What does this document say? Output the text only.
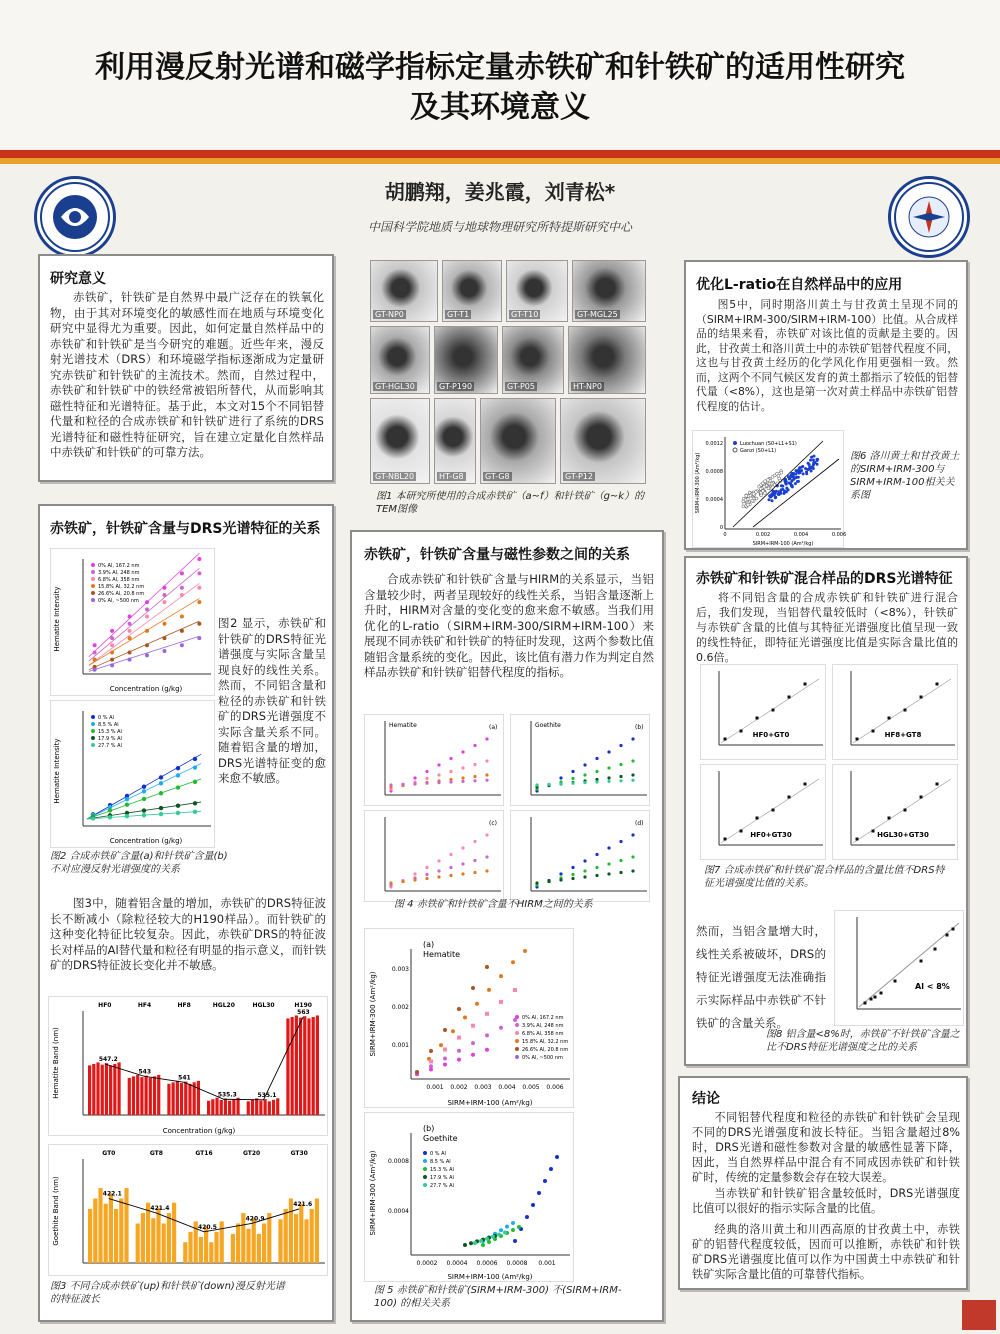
利用漫反射光谱和磁学指标定量赤铁矿和针铁矿的适用性研究
及其环境意义
胡鹏翔，姜兆霞，刘青松*
中国科学院地质与地球物理研究所特提斯研究中心
研究意义
赤铁矿，针铁矿是自然界中最广泛存在的铁氧化物，由于其对环境变化的敏感性而在地质与环境变化研究中显得尤为重要。因此，如何定量自然样品中的赤铁矿和针铁矿是当今研究的难题。近些年来，漫反射光谱技术（DRS）和环境磁学指标逐渐成为定量研究赤铁矿和针铁矿的主流技术。然而，自然过程中，赤铁矿和针铁矿中的铁经常被铝所替代，从而影响其磁性特征和光谱特征。基于此，本文对15个不同铝替代量和粒径的合成赤铁矿和针铁矿进行了系统的DRS光谱特征和磁性特征研究，旨在建立定量化自然样品中赤铁矿和针铁矿的可靠方法。
赤铁矿，针铁矿含量与DRS光谱特征的关系
Concentration (g/kg)
Hematite Intensity
0% Al, 167.2 nm
3.9% Al, 248 nm
6.8% Al, 358 nm
15.8% Al, 32.2 nm
26.6% Al, 20.8 nm
0% Al, ~500 nm
图2 显示，赤铁矿和针铁矿的DRS特征光谱强度与实际含量呈现良好的线性关系。然而，不同铝含量和粒径的赤铁矿和针铁矿的DRS光谱强度不实际含量关系不同。随着铝含量的增加，DRS光谱特征变的愈来愈不敏感。
Concentration (g/kg)
Hematite Intensity
0 % Al
8.5 % Al
15.3 % Al
17.9 % Al
27.7 % Al
图2 合成赤铁矿含量(a)和针铁矿含量(b)不对应漫反射光谱强度的关系
图3中，随着铝含量的增加，赤铁矿的DRS特征波长不断减小（除粒径较大的H190样品）。而针铁矿的这种变化特征比较复杂。因此，赤铁矿DRS的特征波长对样品的Al替代量和粒径有明显的指示意义，而针铁矿的DRS特征波长变化并不敏感。
HF0
547.2
HF4
543
HF8
541
HGL20
535.3
HGL30
535.1
H190
563
Concentration (g/kg)
Hematite Band (nm)
GT0
422.1
GT8
421.4
GT16
420.5
GT20
420.9
GT30
421.6
Goethite Band (nm)
图3 不同合成赤铁矿(up)和针铁矿(down)漫反射光谱的特征波长
GT-NP0	GT-T1	GT-T10	GT-MGL25
GT-HGL30	GT-P190	GT-P05	HT-NP0
GT-NBL20	HT-G8	GT-G8	GT-P12
图1 本研究所使用的合成赤铁矿（a~f）和针铁矿（g~k）的TEM图像
赤铁矿，针铁矿含量与磁性参数之间的关系
合成赤铁矿和针铁矿含量与HIRM的关系显示，当铝含量较少时，两者呈现较好的线性关系，当铝含量逐渐上升时，HIRM对含量的变化变的愈来愈不敏感。当我们用优化的L-ratio（SIRM+IRM-300/SIRM+IRM-100）来展现不同赤铁矿和针铁矿的特征时发现，这两个参数比值随铝含量系统的变化。因此，该比值有潜力作为判定自然样品赤铁矿和针铁矿铝替代程度的指标。
(a)
Hematite	(b)
Goethite
(c)	(d)
图 4 赤铁矿和针铁矿含量不HIRM之间的关系
(a)
Hematite
0.001 0.002 0.003 0.004 0.005 0.006
0.001
0.002
0.003
SIRM+IRM-100 (Am²/kg)
SIRM+IRM-300 (Am²/kg)	0% Al, 167.2 nm
3.9% Al, 248 nm
6.8% Al, 358 nm
15.8% Al, 32.2 nm
26.6% Al, 20.8 nm
0% Al, ~500 nm
(b)
Goethite
0.0002 0.0004 0.0006 0.0008 0.001
0.0004
0.0008
SIRM+IRM-100 (Am²/kg)
SIRM+IRM-300 (Am²/kg)	0 % Al
8.5 % Al
15.3 % Al
17.9 % Al
27.7 % Al
图 5 赤铁矿和针铁矿(SIRM+IRM-300) 不(SIRM+IRM-100) 的相关关系
优化L-ratio在自然样品中的应用
图5中，同时期洛川黄土与甘孜黄土呈现不同的（SIRM+IRM-300/SIRM+IRM-100）比值。从合成样品的结果来看，赤铁矿对该比值的贡献是主要的。因此，甘孜黄土和洛川黄土中的赤铁矿铝替代程度不同，这也与甘孜黄土经历的化学风化作用更强相一致。然而，这两个不同气候区发育的黄土都指示了较低的铝替代量（<8%），这也是第一次对黄土样品中赤铁矿铝替代程度的估计。
0	0.002	0.004	0.006
0
0.0004
0.0008
0.0012
SIRM+IRM-100 (Am²/kg)
SIRM+IRM-300 (Am²/kg)
Luochuan (S0+L1+S1)
Ganzi (S0+L1)	图6 洛川黄土和甘孜黄土的SIRM+IRM-300与SIRM+IRM-100相关关系图
赤铁矿和针铁矿混合样品的DRS光谱特征
将不同铝含量的合成赤铁矿和针铁矿进行混合后，我们发现，当铝替代量较低时（<8%），针铁矿与赤铁矿含量的比值与其特征光谱强度比值呈现一致的线性特征，即特征光谱强度比值是实际含量比值的0.6倍。
HF0+GT0	HF8+GT8
HF0+GT30	HGL30+GT30
图7 合成赤铁矿和针铁矿混合样品的含量比值不DRS特征光谱强度比值的关系。
然而，当铝含量增大时，线性关系被破坏，DRS的特征光谱强度无法准确指示实际样品中赤铁矿不针铁矿的含量关系。
Al < 8%
图8 铝含量<8%时，赤铁矿不针铁矿含量之比不DRS特征光谱强度之比的关系
结论
不同铝替代程度和粒径的赤铁矿和针铁矿会呈现不同的DRS光谱强度和波长特征。当铝含量超过8%时，DRS光谱和磁性参数对含量的敏感性显著下降，因此，当自然界样品中混合有不同成因赤铁矿和针铁矿时，传统的定量参数会存在较大误差。
当赤铁矿和针铁矿铝含量较低时，DRS光谱强度比值可以很好的指示实际含量的比值。
经典的洛川黄土和川西高原的甘孜黄土中，赤铁矿的铝替代程度较低，因而可以推断，赤铁矿和针铁矿DRS光谱强度比值可以作为中国黄土中赤铁矿和针铁矿实际含量比值的可靠替代指标。
